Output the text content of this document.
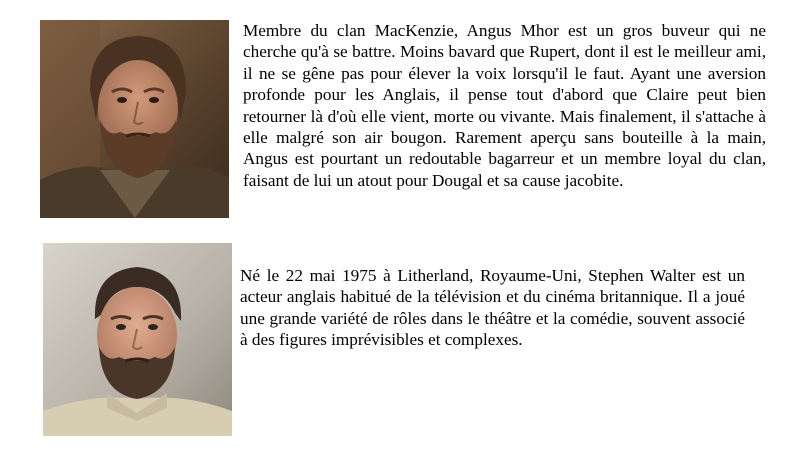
Membre du clan MacKenzie, Angus Mhor est un gros buveur qui ne cherche qu'à se battre. Moins bavard que Rupert, dont il est le meilleur ami, il ne se gêne pas pour élever la voix lorsqu'il le faut. Ayant une aversion profonde pour les Anglais, il pense tout d'abord que Claire peut bien retourner là d'où elle vient, morte ou vivante. Mais finalement, il s'attache à elle malgré son air bougon. Rarement aperçu sans bouteille à la main, Angus est pourtant un redoutable bagarreur et un membre loyal du clan, faisant de lui un atout pour Dougal et sa cause jacobite.

Né le 22 mai 1975 à Litherland, Royaume-Uni, Stephen Walter est un acteur anglais habitué de la télévision et du cinéma britannique. Il a joué une grande variété de rôles dans le théâtre et la comédie, souvent associé à des figures imprévisibles et complexes.
